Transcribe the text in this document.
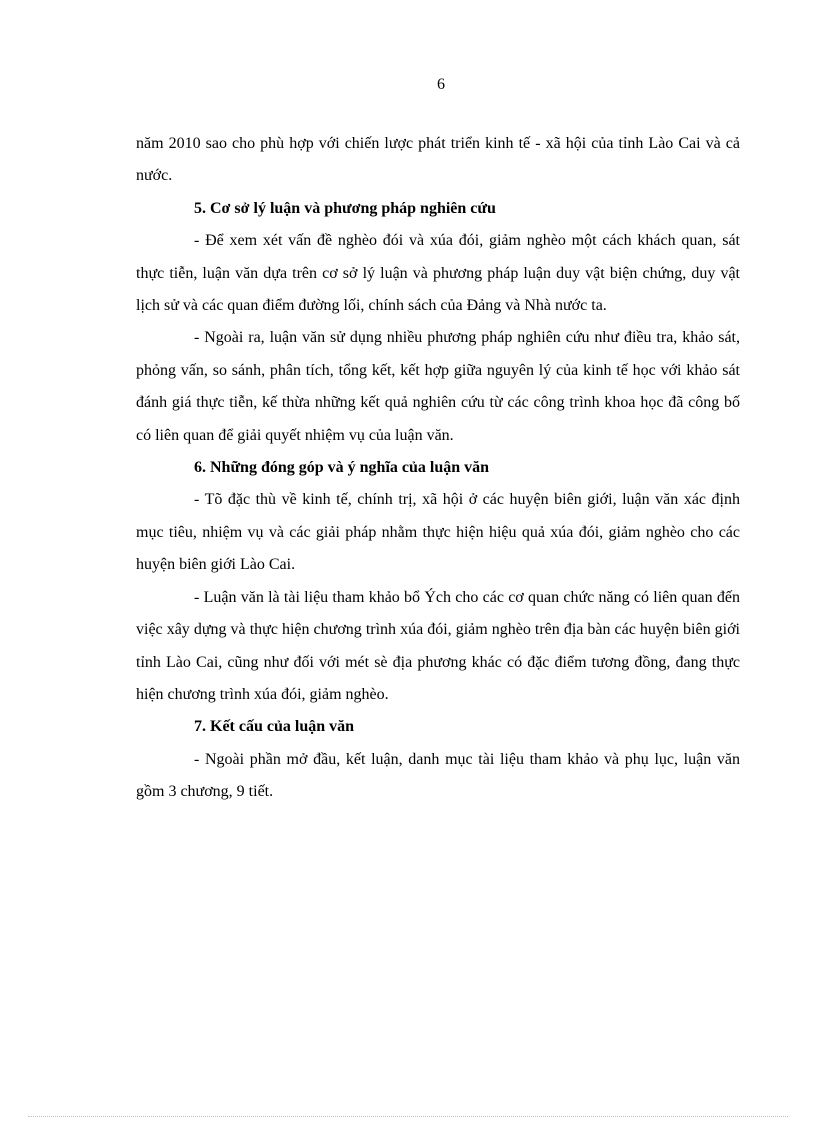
6

năm 2010 sao cho phù hợp với chiến lược phát triển kinh tế - xã hội của tỉnh Lào Cai và cả nước.

5. Cơ sở lý luận và phương pháp nghiên cứu

- Để xem xét vấn đề nghèo đói và xúa đói, giảm nghèo một cách khách quan, sát thực tiễn, luận văn dựa trên cơ sở lý luận và phương pháp luận duy vật biện chứng, duy vật lịch sử và các quan điểm đường lối, chính sách của Đảng và Nhà nước ta.

- Ngoài ra, luận văn sử dụng nhiều phương pháp nghiên cứu như điều tra, khảo sát, phỏng vấn, so sánh, phân tích, tổng kết, kết hợp giữa nguyên lý của kinh tế học với khảo sát đánh giá thực tiễn, kế thừa những kết quả nghiên cứu từ các công trình khoa học đã công bố có liên quan để giải quyết nhiệm vụ của luận văn.

6. Những đóng góp và ý nghĩa của luận văn

- Tõ đặc thù về kinh tế, chính trị, xã hội ở các huyện biên giới, luận văn xác định mục tiêu, nhiệm vụ và các giải pháp nhằm thực hiện hiệu quả xúa đói, giảm nghèo cho các huyện biên giới Lào Cai.

- Luận văn là tài liệu tham khảo bổ Ých cho các cơ quan chức năng có liên quan đến việc xây dựng và thực hiện chương trình xúa đói, giảm nghèo trên địa bàn các huyện biên giới tỉnh Lào Cai, cũng như đối với mét sè địa phương khác có đặc điểm tương đồng, đang thực hiện chương trình xúa đói, giảm nghèo.

7. Kết cấu của luận văn

- Ngoài phần mở đầu, kết luận, danh mục tài liệu tham khảo và phụ lục, luận văn gồm 3 chương, 9 tiết.
